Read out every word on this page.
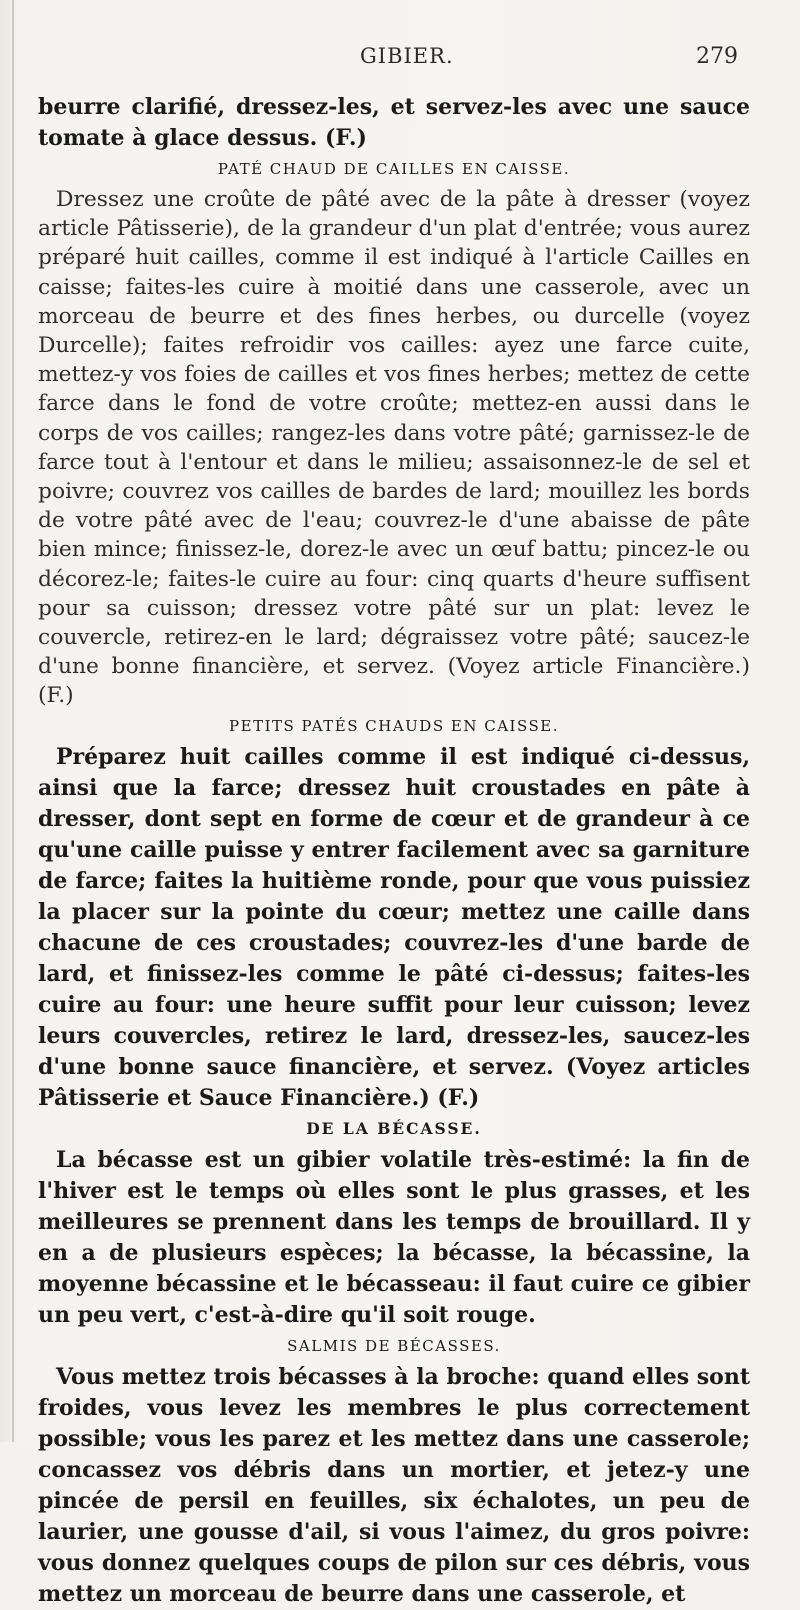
GIBIER.	279

beurre clarifié, dressez-les, et servez-les avec une sauce tomate à glace dessus. (F.)

PATÉ CHAUD DE CAILLES EN CAISSE.

Dressez une croûte de pâté avec de la pâte à dresser (voyez article Pâtisserie), de la grandeur d'un plat d'entrée; vous aurez préparé huit cailles, comme il est indiqué à l'article Cailles en caisse; faites-les cuire à moitié dans une casserole, avec un morceau de beurre et des fines herbes, ou durcelle (voyez Durcelle); faites refroidir vos cailles: ayez une farce cuite, mettez-y vos foies de cailles et vos fines herbes; mettez de cette farce dans le fond de votre croûte; mettez-en aussi dans le corps de vos cailles; rangez-les dans votre pâté; garnissez-le de farce tout à l'entour et dans le milieu; assaisonnez-le de sel et poivre; couvrez vos cailles de bardes de lard; mouillez les bords de votre pâté avec de l'eau; couvrez-le d'une abaisse de pâte bien mince; finissez-le, dorez-le avec un œuf battu; pincez-le ou décorez-le; faites-le cuire au four: cinq quarts d'heure suffisent pour sa cuisson; dressez votre pâté sur un plat: levez le couvercle, retirez-en le lard; dégraissez votre pâté; saucez-le d'une bonne financière, et servez. (Voyez article Financière.) (F.)

PETITS PATÉS CHAUDS EN CAISSE.

Préparez huit cailles comme il est indiqué ci-dessus, ainsi que la farce; dressez huit croustades en pâte à dresser, dont sept en forme de cœur et de grandeur à ce qu'une caille puisse y entrer facilement avec sa garniture de farce; faites la huitième ronde, pour que vous puissiez la placer sur la pointe du cœur; mettez une caille dans chacune de ces croustades; couvrez-les d'une barde de lard, et finissez-les comme le pâté ci-dessus; faites-les cuire au four: une heure suffit pour leur cuisson; levez leurs couvercles, retirez le lard, dressez-les, saucez-les d'une bonne sauce financière, et servez. (Voyez articles Pâtisserie et Sauce Financière.) (F.)

DE LA BÉCASSE.

La bécasse est un gibier volatile très-estimé: la fin de l'hiver est le temps où elles sont le plus grasses, et les meilleures se prennent dans les temps de brouillard. Il y en a de plusieurs espèces; la bécasse, la bécassine, la moyenne bécassine et le bécasseau: il faut cuire ce gibier un peu vert, c'est-à-dire qu'il soit rouge.

SALMIS DE BÉCASSES.

Vous mettez trois bécasses à la broche: quand elles sont froides, vous levez les membres le plus correctement possible; vous les parez et les mettez dans une casserole; concassez vos débris dans un mortier, et jetez-y une pincée de persil en feuilles, six échalotes, un peu de laurier, une gousse d'ail, si vous l'aimez, du gros poivre: vous donnez quelques coups de pilon sur ces débris, vous mettez un morceau de beurre dans une casserole, et
